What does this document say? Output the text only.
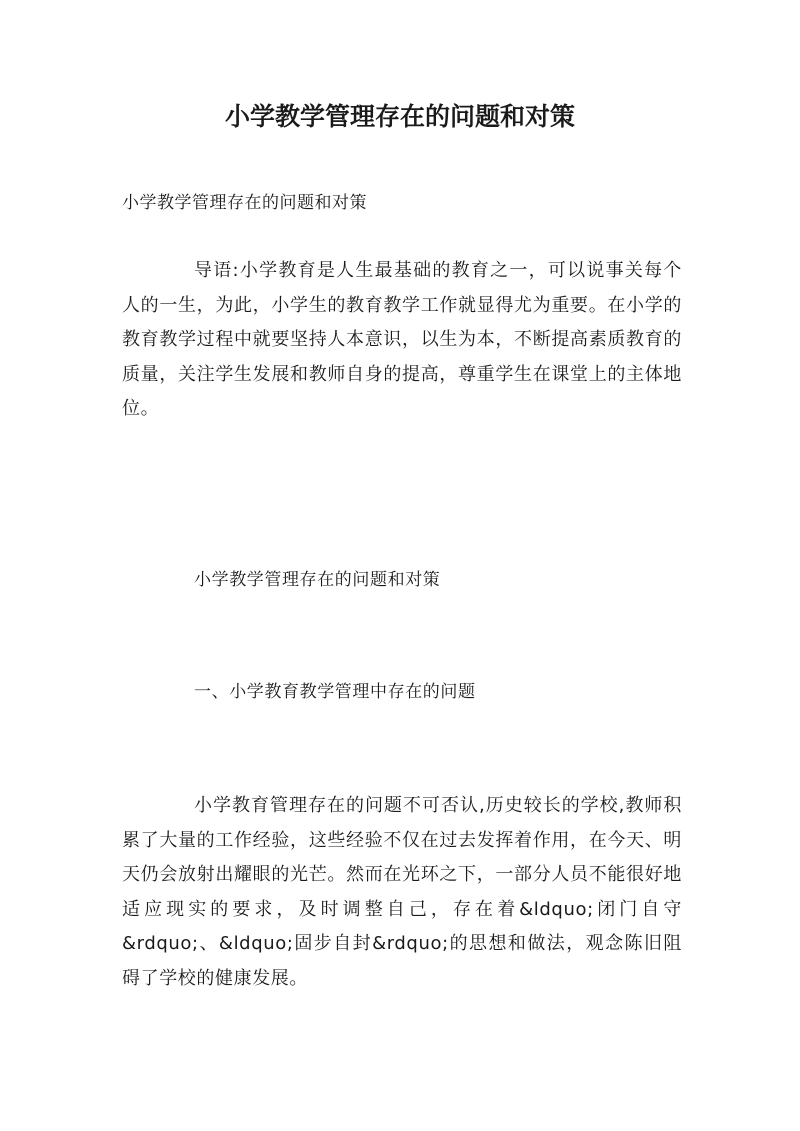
小学教学管理存在的问题和对策

小学教学管理存在的问题和对策

导语:小学教育是人生最基础的教育之一，可以说事关每个人的一生，为此，小学生的教育教学工作就显得尤为重要。在小学的教育教学过程中就要坚持人本意识，以生为本，不断提高素质教育的质量，关注学生发展和教师自身的提高，尊重学生在课堂上的主体地位。

小学教学管理存在的问题和对策

一、小学教育教学管理中存在的问题

小学教育管理存在的问题不可否认,历史较长的学校,教师积累了大量的工作经验，这些经验不仅在过去发挥着作用，在今天、明天仍会放射出耀眼的光芒。然而在光环之下，一部分人员不能很好地适应现实的要求，及时调整自己，存在着&ldquo;闭门自守&rdquo;、&ldquo;固步自封&rdquo;的思想和做法，观念陈旧阻碍了学校的健康发展。
